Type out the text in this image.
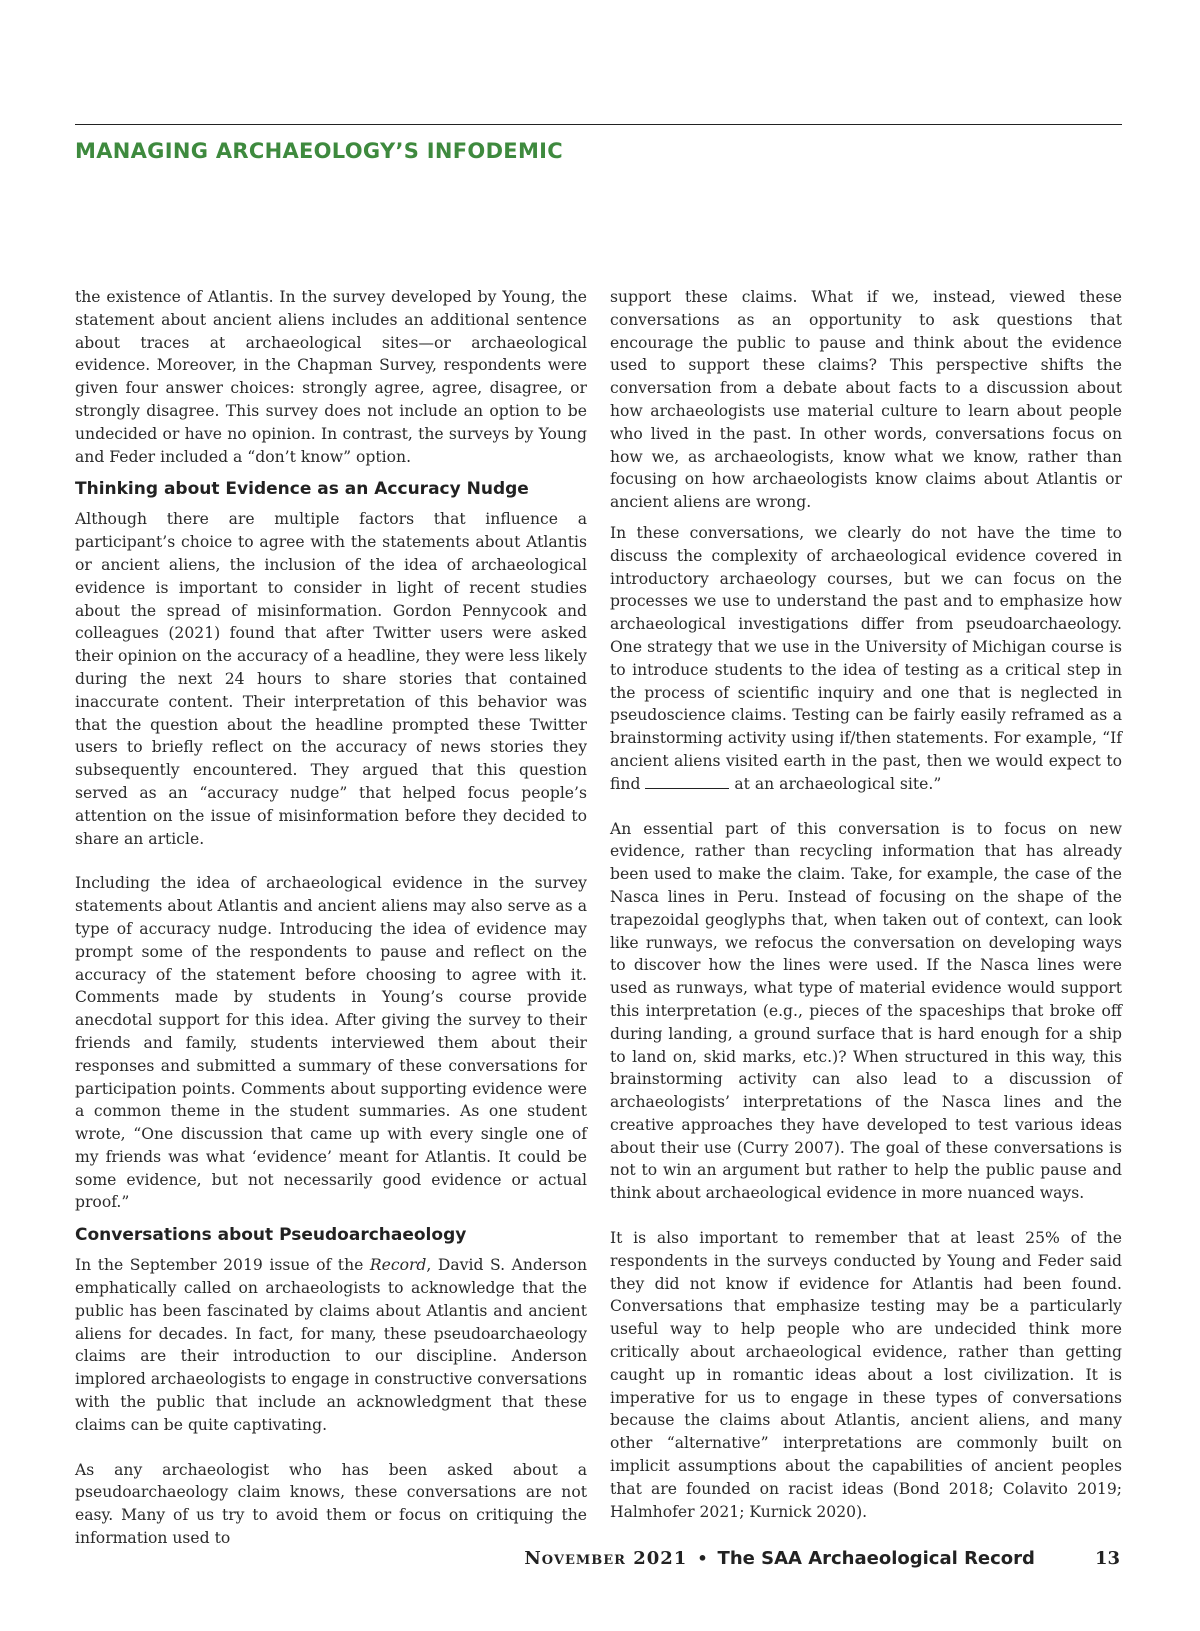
MANAGING ARCHAEOLOGY’S INFODEMIC

the existence of Atlantis. In the survey developed by Young, the statement about ancient aliens includes an additional sentence about traces at archaeological sites—or archaeological evidence. Moreover, in the Chapman Survey, respondents were given four answer choices: strongly agree, agree, disagree, or strongly disagree. This survey does not include an option to be undecided or have no opinion. In contrast, the surveys by Young and Feder included a “don’t know” option.

Thinking about Evidence as an Accuracy Nudge

Although there are multiple factors that influence a participant’s choice to agree with the statements about Atlantis or ancient aliens, the inclusion of the idea of archaeological evidence is important to consider in light of recent studies about the spread of misinformation. Gordon Pennycook and colleagues (2021) found that after Twitter users were asked their opinion on the accuracy of a headline, they were less likely during the next 24 hours to share stories that contained inaccurate content. Their interpretation of this behavior was that the question about the headline prompted these Twitter users to briefly reflect on the accuracy of news stories they subsequently encountered. They argued that this question served as an “accuracy nudge” that helped focus people’s attention on the issue of misinformation before they decided to share an article.

Including the idea of archaeological evidence in the survey statements about Atlantis and ancient aliens may also serve as a type of accuracy nudge. Introducing the idea of evidence may prompt some of the respondents to pause and reflect on the accuracy of the statement before choosing to agree with it. Comments made by students in Young’s course provide anecdotal support for this idea. After giving the survey to their friends and family, students interviewed them about their responses and submitted a summary of these conversations for participation points. Comments about supporting evidence were a common theme in the student summaries. As one student wrote, “One discussion that came up with every single one of my friends was what ‘evidence’ meant for Atlantis. It could be some evidence, but not necessarily good evidence or actual proof.”

Conversations about Pseudoarchaeology

In the September 2019 issue of the Record, David S. Anderson emphatically called on archaeologists to acknowledge that the public has been fascinated by claims about Atlantis and ancient aliens for decades. In fact, for many, these pseudoarchaeology claims are their introduction to our discipline. Anderson implored archaeologists to engage in constructive conversations with the public that include an acknowledgment that these claims can be quite captivating.

As any archaeologist who has been asked about a pseudoarchaeology claim knows, these conversations are not easy. Many of us try to avoid them or focus on critiquing the information used to

support these claims. What if we, instead, viewed these conversations as an opportunity to ask questions that encourage the public to pause and think about the evidence used to support these claims? This perspective shifts the conversation from a debate about facts to a discussion about how archaeologists use material culture to learn about people who lived in the past. In other words, conversations focus on how we, as archaeologists, know what we know, rather than focusing on how archaeologists know claims about Atlantis or ancient aliens are wrong.

In these conversations, we clearly do not have the time to discuss the complexity of archaeological evidence covered in introductory archaeology courses, but we can focus on the processes we use to understand the past and to emphasize how archaeological investigations differ from pseudoarchaeology. One strategy that we use in the University of Michigan course is to introduce students to the idea of testing as a critical step in the process of scientific inquiry and one that is neglected in pseudoscience claims. Testing can be fairly easily reframed as a brainstorming activity using if/then statements. For example, “If ancient aliens visited earth in the past, then we would expect to find	at an archaeological site.”

An essential part of this conversation is to focus on new evidence, rather than recycling information that has already been used to make the claim. Take, for example, the case of the Nasca lines in Peru. Instead of focusing on the shape of the trapezoidal geoglyphs that, when taken out of context, can look like runways, we refocus the conversation on developing ways to discover how the lines were used. If the Nasca lines were used as runways, what type of material evidence would support this interpretation (e.g., pieces of the spaceships that broke off during landing, a ground surface that is hard enough for a ship to land on, skid marks, etc.)? When structured in this way, this brainstorming activity can also lead to a discussion of archaeologists’ interpretations of the Nasca lines and the creative approaches they have developed to test various ideas about their use (Curry 2007). The goal of these conversations is not to win an argument but rather to help the public pause and think about archaeological evidence in more nuanced ways.

It is also important to remember that at least 25% of the respondents in the surveys conducted by Young and Feder said they did not know if evidence for Atlantis had been found. Conversations that emphasize testing may be a particularly useful way to help people who are undecided think more critically about archaeological evidence, rather than getting caught up in romantic ideas about a lost civilization. It is imperative for us to engage in these types of conversations because the claims about Atlantis, ancient aliens, and many other “alternative” interpretations are commonly built on implicit assumptions about the capabilities of ancient peoples that are founded on racist ideas (Bond 2018; Colavito 2019; Halmhofer 2021; Kurnick 2020).

November 2021 • The SAA Archaeological Record	13
